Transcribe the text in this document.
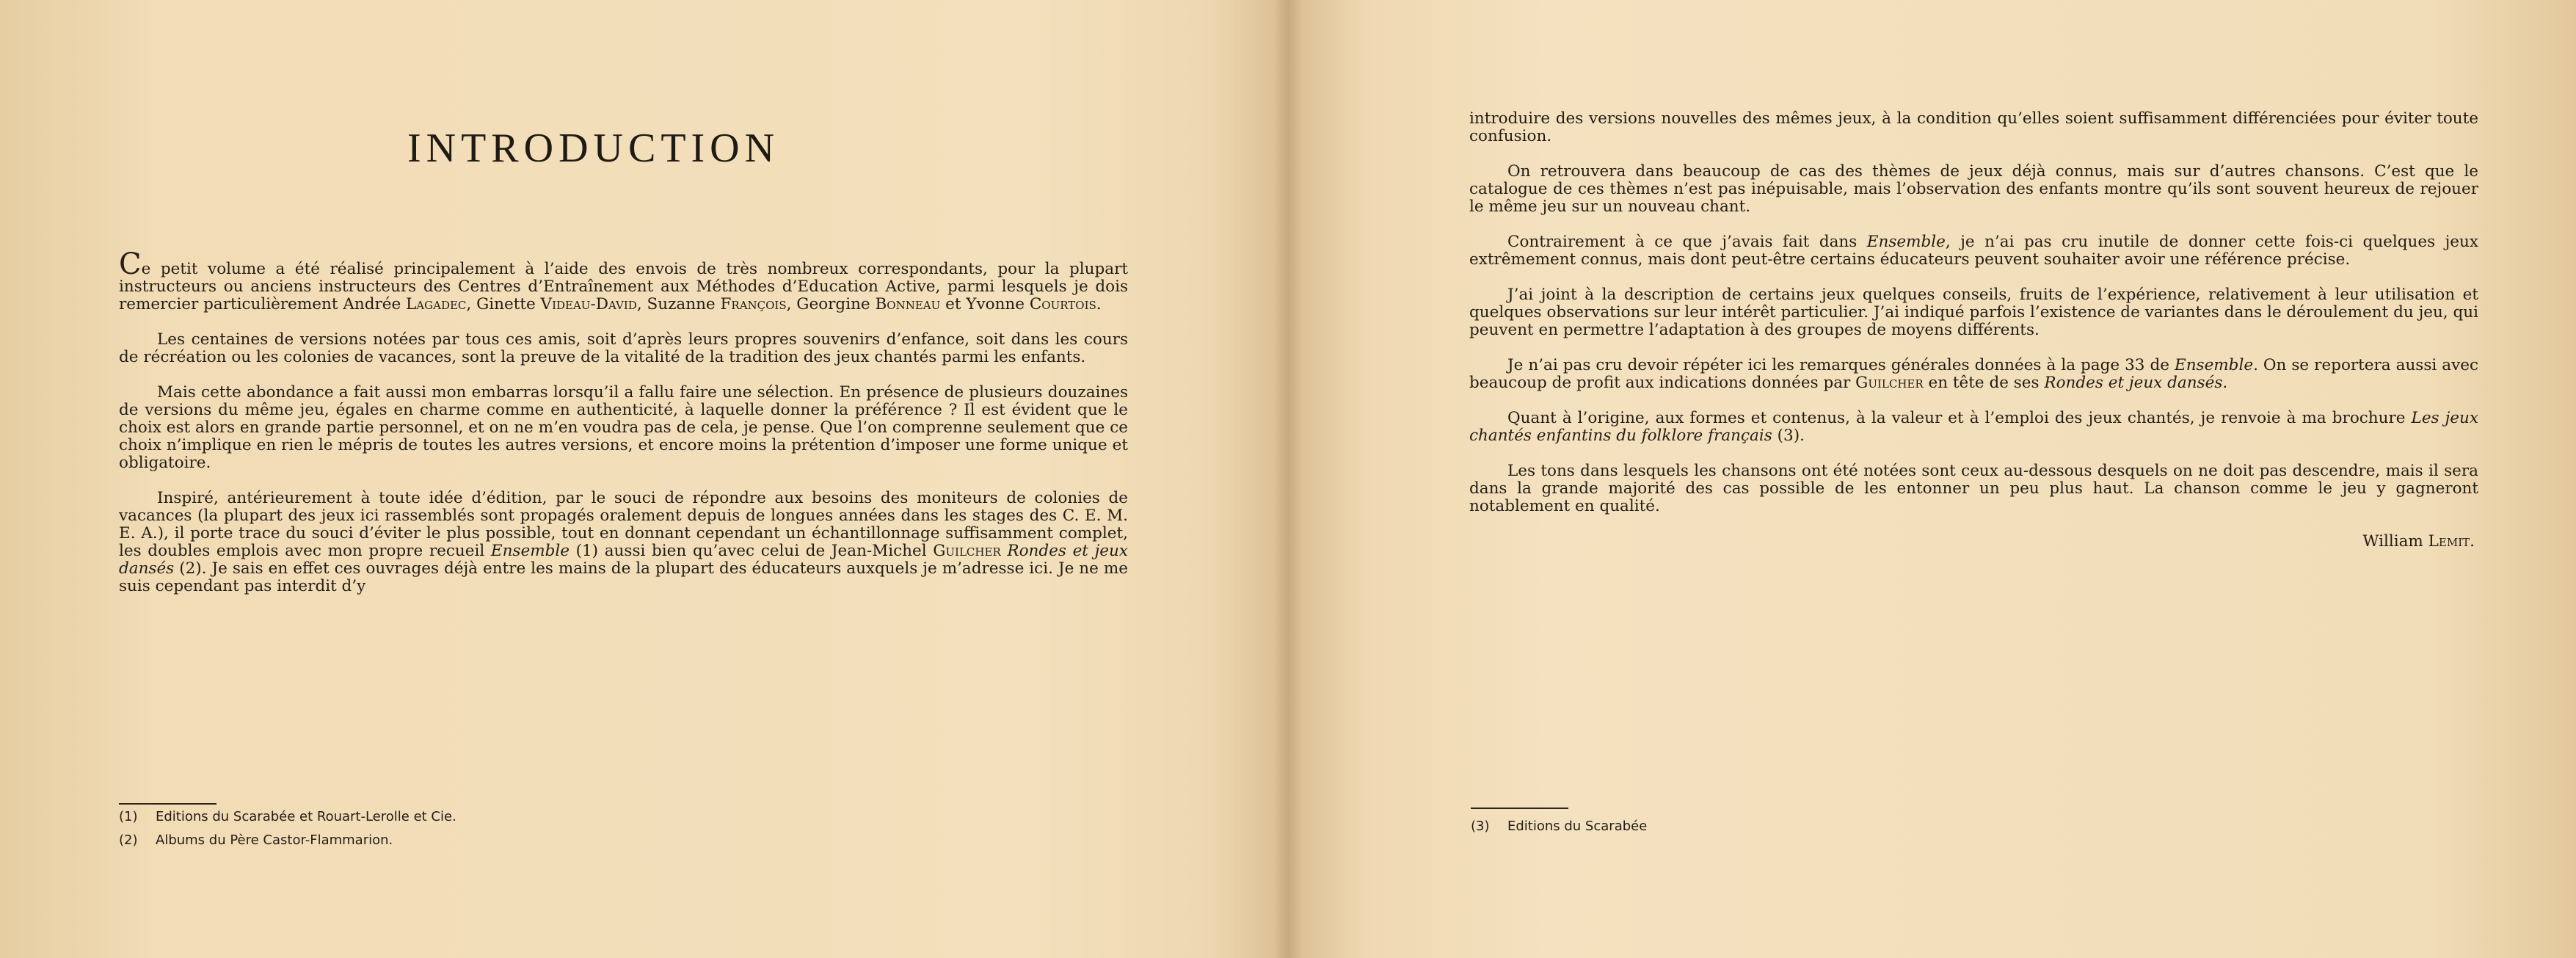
INTRODUCTION

Ce petit volume a été réalisé principalement à l’aide des envois de très nombreux correspondants, pour la plupart instructeurs ou anciens instructeurs des Centres d’Entraînement aux Méthodes d’Education Active, parmi lesquels je dois remercier particulièrement Andrée Lagadec, Ginette Videau-David, Suzanne François, Georgine Bonneau et Yvonne Courtois.

Les centaines de versions notées par tous ces amis, soit d’après leurs propres souvenirs d’enfance, soit dans les cours de récréation ou les colonies de vacances, sont la preuve de la vitalité de la tradition des jeux chantés parmi les enfants.

Mais cette abondance a fait aussi mon embarras lorsqu’il a fallu faire une sélection. En présence de plusieurs douzaines de versions du même jeu, égales en charme comme en authenticité, à laquelle donner la préférence ? Il est évident que le choix est alors en grande partie personnel, et on ne m’en voudra pas de cela, je pense. Que l’on comprenne seulement que ce choix n’implique en rien le mépris de toutes les autres versions, et encore moins la prétention d’imposer une forme unique et obligatoire.

Inspiré, antérieurement à toute idée d’édition, par le souci de répondre aux besoins des moniteurs de colonies de vacances (la plupart des jeux ici rassemblés sont propagés oralement depuis de longues années dans les stages des C. E. M. E. A.), il porte trace du souci d’éviter le plus possible, tout en donnant cependant un échantillonnage suffisamment complet, les doubles emplois avec mon propre recueil Ensemble (1) aussi bien qu’avec celui de Jean-Michel Guilcher Rondes et jeux dansés (2). Je sais en effet ces ouvrages déjà entre les mains de la plupart des éducateurs auxquels je m’adresse ici. Je ne me suis cependant pas interdit d’y

(1) Editions du Scarabée et Rouart-Lerolle et Cie.
(2) Albums du Père Castor-Flammarion.

introduire des versions nouvelles des mêmes jeux, à la condition qu’elles soient suffisamment différenciées pour éviter toute confusion.

On retrouvera dans beaucoup de cas des thèmes de jeux déjà connus, mais sur d’autres chansons. C’est que le catalogue de ces thèmes n’est pas inépuisable, mais l’observation des enfants montre qu’ils sont souvent heureux de rejouer le même jeu sur un nouveau chant.

Contrairement à ce que j’avais fait dans Ensemble, je n’ai pas cru inutile de donner cette fois-ci quelques jeux extrêmement connus, mais dont peut-être certains éducateurs peuvent souhaiter avoir une référence précise.

J’ai joint à la description de certains jeux quelques conseils, fruits de l’expérience, relativement à leur utilisation et quelques observations sur leur intérêt particulier. J’ai indiqué parfois l’existence de variantes dans le déroulement du jeu, qui peuvent en permettre l’adaptation à des groupes de moyens différents.

Je n’ai pas cru devoir répéter ici les remarques générales données à la page 33 de Ensemble. On se reportera aussi avec beaucoup de profit aux indications données par Guilcher en tête de ses Rondes et jeux dansés.

Quant à l’origine, aux formes et contenus, à la valeur et à l’emploi des jeux chantés, je renvoie à ma brochure Les jeux chantés enfantins du folklore français (3).

Les tons dans lesquels les chansons ont été notées sont ceux au-dessous desquels on ne doit pas descendre, mais il sera dans la grande majorité des cas possible de les entonner un peu plus haut. La chanson comme le jeu y gagneront notablement en qualité.

William Lemit.

(3) Editions du Scarabée
